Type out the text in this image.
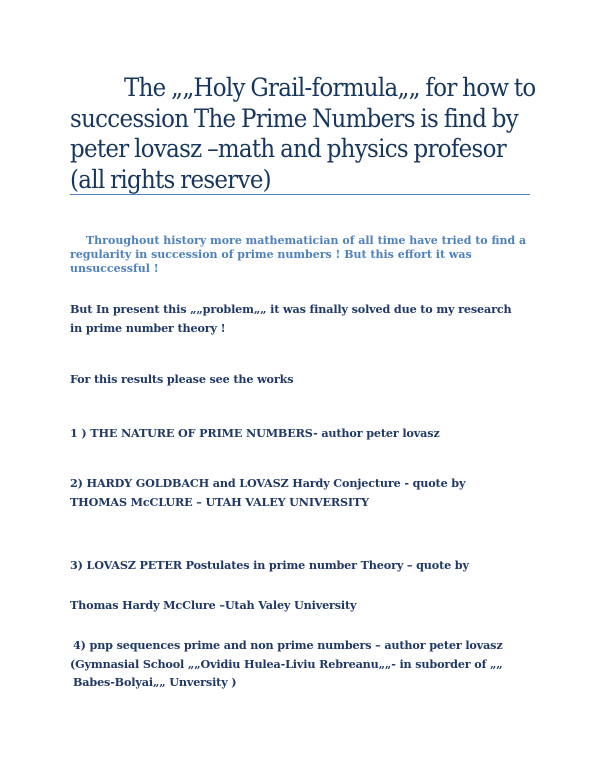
The „„Holy Grail-formula„„ for how to
succession The Prime Numbers is find by
peter lovasz –math and physics profesor
(all rights reserve)
Throughout history more mathematician of all time have tried to find a
regularity in succession of prime numbers ! But this effort it was
unsuccessful !
But In present this „„problem„„ it was finally solved due to my research
in prime number theory !
For this results please see the works
1 ) THE NATURE OF PRIME NUMBERS- author peter lovasz
2) HARDY GOLDBACH and LOVASZ Hardy Conjecture - quote by
THOMAS McCLURE – UTAH VALEY UNIVERSITY
3) LOVASZ PETER Postulates in prime number Theory – quote by
Thomas Hardy McClure –Utah Valey University
4) pnp sequences prime and non prime numbers – author peter lovasz
(Gymnasial School „„Ovidiu Hulea-Liviu Rebreanu„„- in suborder of „„
Babes-Bolyai„„ Unversity )
